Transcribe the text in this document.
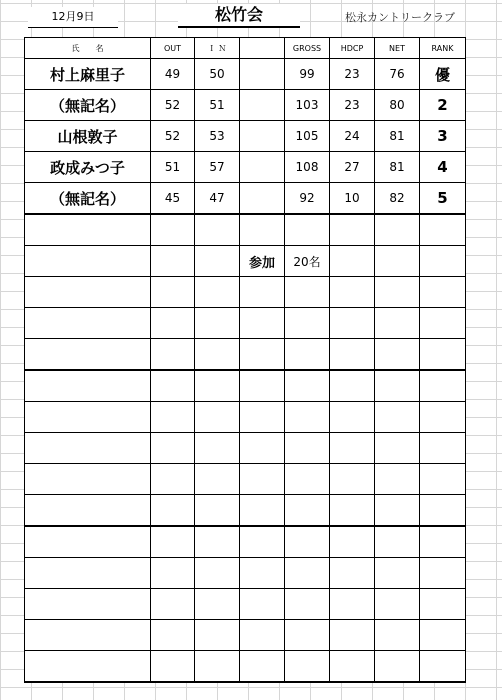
12月9日	松竹会	松永カントリークラブ
氏　　名	OUT	Ｉ Ｎ		GROSS	HDCP	NET	RANK
村上麻里子	49	50		99	23	76	優
（無記名）	52	51		103	23	80	2
山根敦子	52	53		105	24	81	3
政成みつ子	51	57		108	27	81	4
（無記名）	45	47		92	10	82	5

			参加	20名			
